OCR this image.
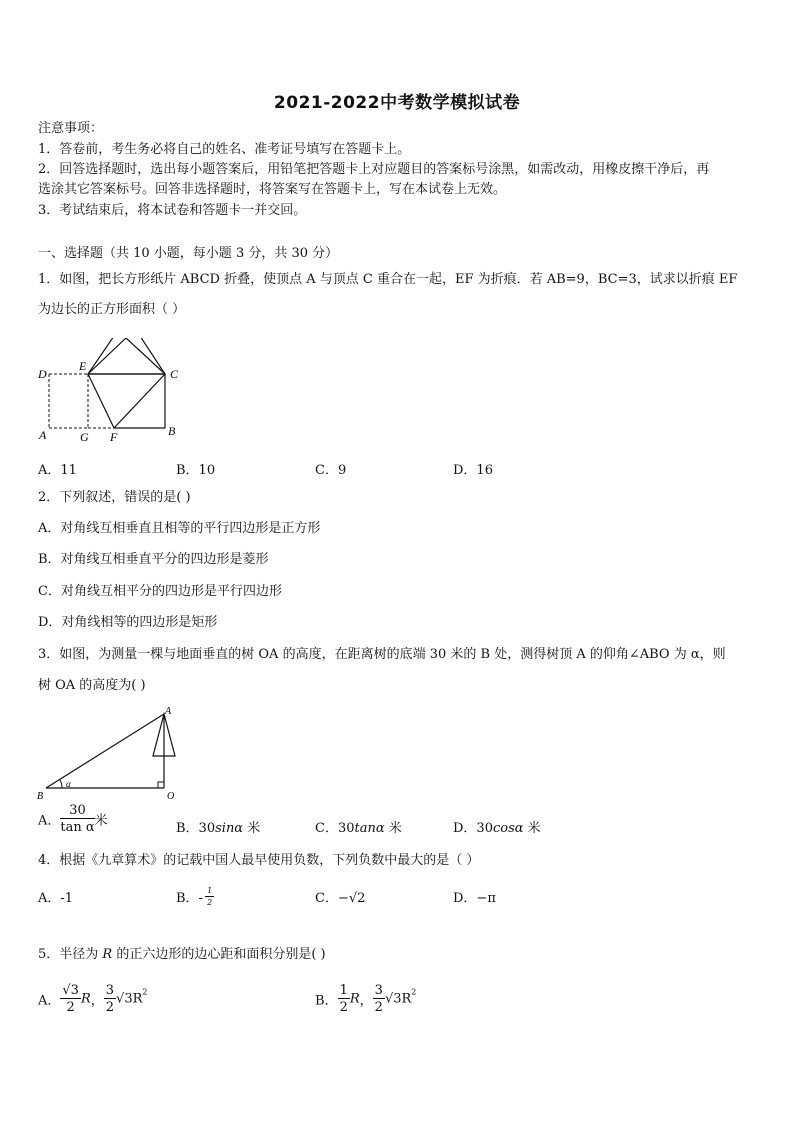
2021-2022中考数学模拟试卷
注意事项：
1．答卷前，考生务必将自己的姓名、准考证号填写在答题卡上。
2．回答选择题时，选出每小题答案后，用铅笔把答题卡上对应题目的答案标号涂黑，如需改动，用橡皮擦干净后，再
选涂其它答案标号。回答非选择题时，将答案写在答题卡上，写在本试卷上无效。
3．考试结束后，将本试卷和答题卡一并交回。
一、选择题（共 10 小题，每小题 3 分，共 30 分）
1．如图，把长方形纸片 ABCD 折叠，使顶点 A 与顶点 C 重合在一起，EF 为折痕．若 AB=9，BC=3，试求以折痕 EF
为边长的正方形面积（ ）
D
E
C
A	G F	B
A．11	B．10	C．9	D．16
2．下列叙述，错误的是( )
A．对角线互相垂直且相等的平行四边形是正方形
B．对角线互相垂直平分的四边形是菱形
C．对角线互相平分的四边形是平行四边形
D．对角线相等的四边形是矩形
3．如图，为测量一棵与地面垂直的树 OA 的高度，在距离树的底端 30 米的 B 处，测得树顶 A 的仰角∠ABO 为 α，则
树 OA 的高度为( )
α
A
B	O
A． $\frac{30}{\text{tan α}}$ 米	B．30sinα 米	C．30tanα 米	D．30cosα 米
4．根据《九章算术》的记载中国人最早使用负数，下列负数中最大的是（ ）
A．-1	B．- $\frac{1}{2}$	C．−√2	D．−π
5．半径为 R 的正六边形的边心距和面积分别是( )
A． $\frac{√3}{2}$ R， $\frac{3}{2} √3R^2$
B． $\frac{1}{2}$ R， $\frac{3}{2} √3R^2$
